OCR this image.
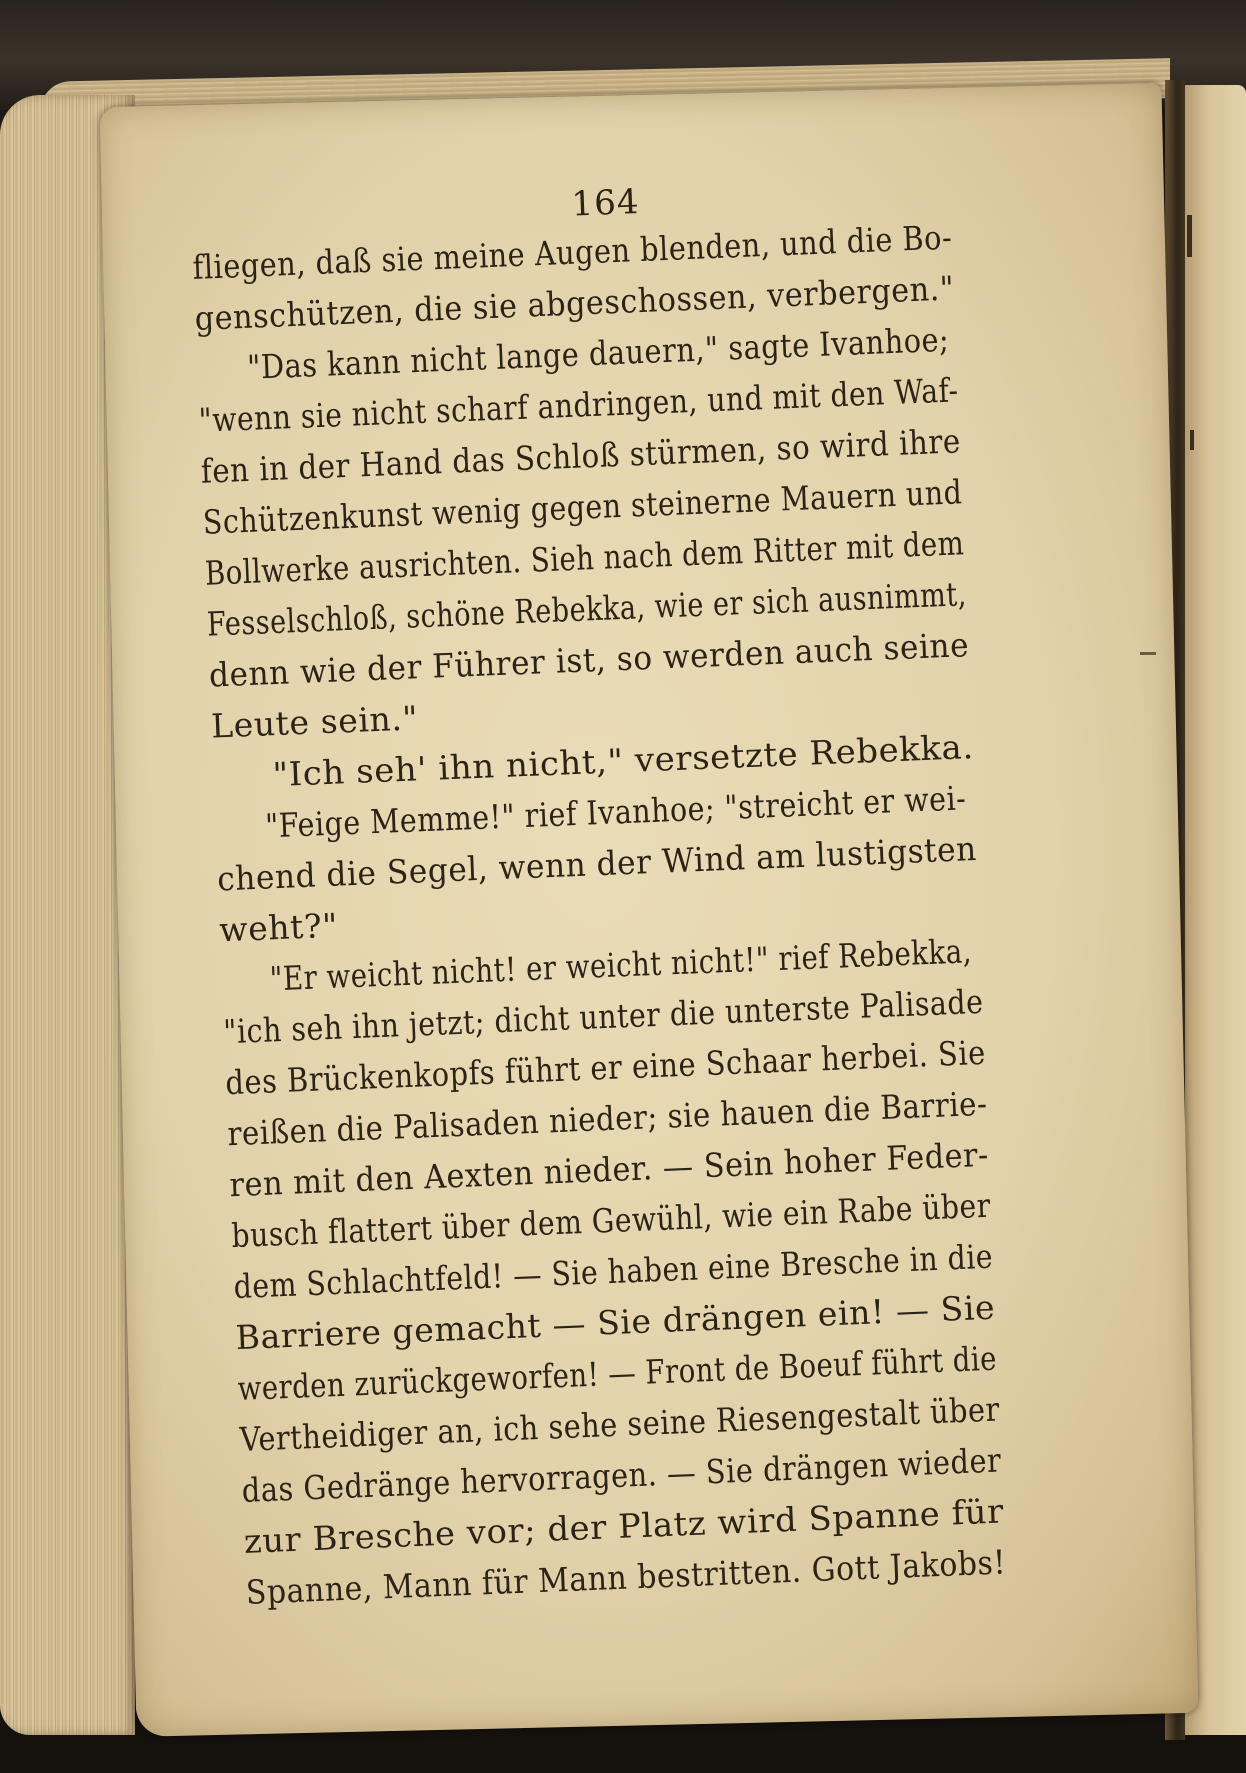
164
fliegen, daß sie meine Augen blenden, und die Bo-
genschützen, die sie abgeschossen, verbergen."
"Das kann nicht lange dauern," sagte Ivanhoe;
"wenn sie nicht scharf andringen, und mit den Waf-
fen in der Hand das Schloß stürmen, so wird ihre
Schützenkunst wenig gegen steinerne Mauern und
Bollwerke ausrichten. Sieh nach dem Ritter mit dem
Fesselschloß, schöne Rebekka, wie er sich ausnimmt,
denn wie der Führer ist, so werden auch seine
Leute sein."
"Ich seh' ihn nicht," versetzte Rebekka.
"Feige Memme!" rief Ivanhoe; "streicht er wei-
chend die Segel, wenn der Wind am lustigsten
weht?"
"Er weicht nicht! er weicht nicht!" rief Rebekka,
"ich seh ihn jetzt; dicht unter die unterste Palisade
des Brückenkopfs führt er eine Schaar herbei. Sie
reißen die Palisaden nieder; sie hauen die Barrie-
ren mit den Aexten nieder. — Sein hoher Feder-
busch flattert über dem Gewühl, wie ein Rabe über
dem Schlachtfeld! — Sie haben eine Bresche in die
Barriere gemacht — Sie drängen ein! — Sie
werden zurückgeworfen! — Front de Boeuf führt die
Vertheidiger an, ich sehe seine Riesengestalt über
das Gedränge hervorragen. — Sie drängen wieder
zur Bresche vor; der Platz wird Spanne für
Spanne, Mann für Mann bestritten. Gott Jakobs!
